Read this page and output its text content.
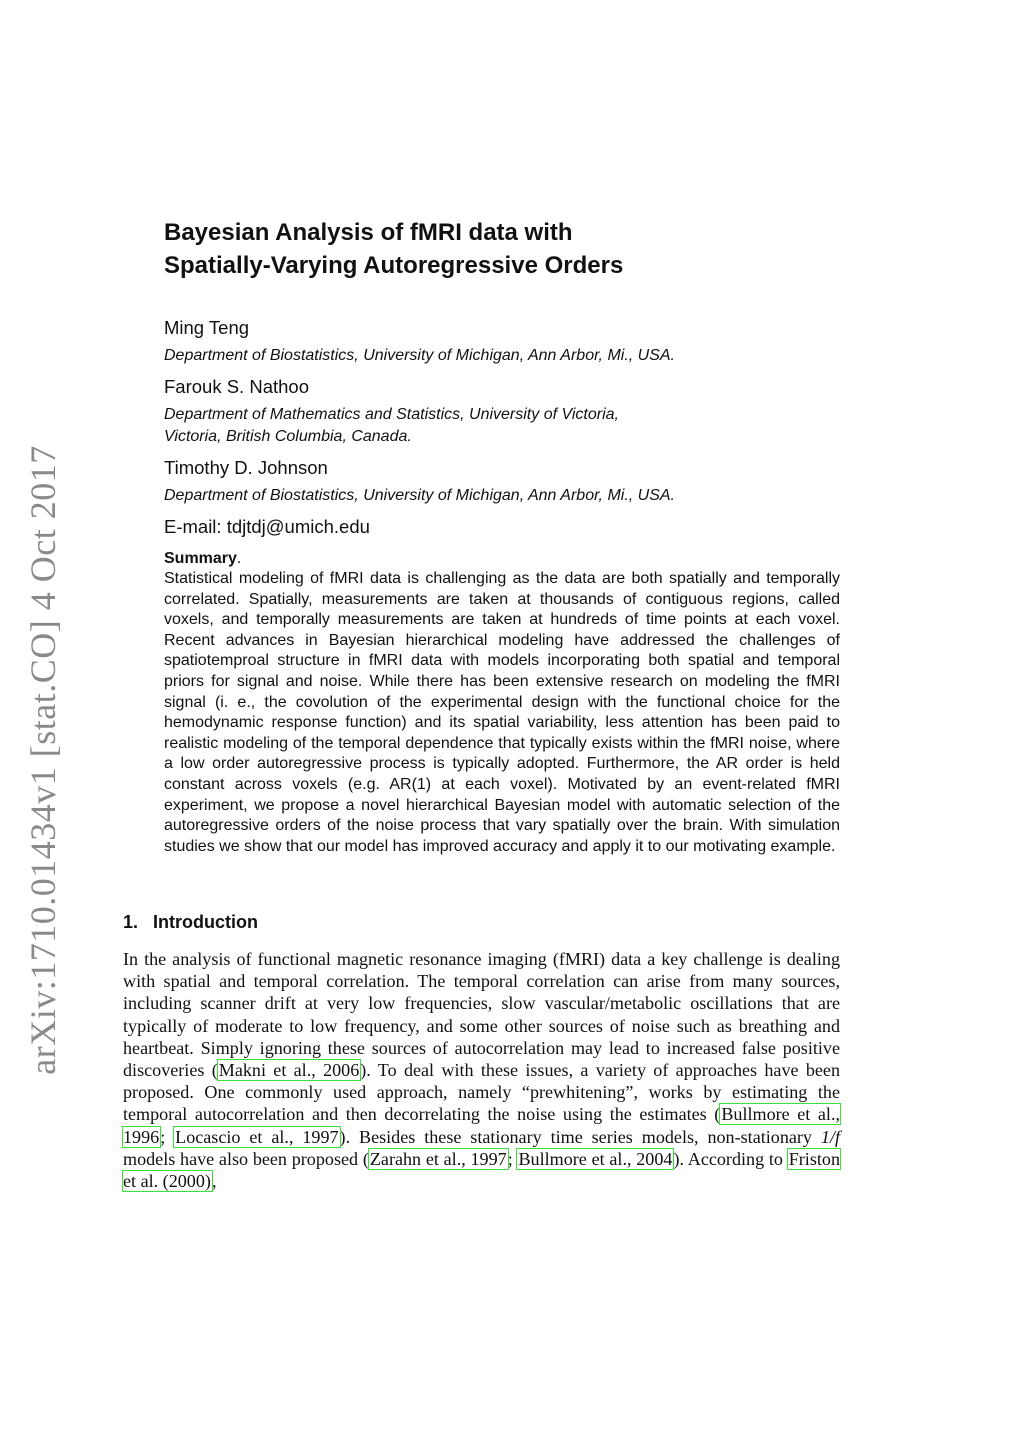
arXiv:1710.01434v1 [stat.CO] 4 Oct 2017
Bayesian Analysis of fMRI data with
Spatially-Varying Autoregressive Orders
Ming Teng
Department of Biostatistics, University of Michigan, Ann Arbor, Mi., USA.
Farouk S. Nathoo
Department of Mathematics and Statistics, University of Victoria,
Victoria, British Columbia, Canada.
Timothy D. Johnson
Department of Biostatistics, University of Michigan, Ann Arbor, Mi., USA.
E-mail: tdjtdj@umich.edu
Summary.

Statistical modeling of fMRI data is challenging as the data are both spatially and temporally correlated. Spatially, measurements are taken at thousands of contiguous regions, called voxels, and temporally measurements are taken at hundreds of time points at each voxel. Recent advances in Bayesian hierarchical modeling have addressed the challenges of spatiotemproal structure in fMRI data with models incorporating both spatial and temporal priors for signal and noise. While there has been extensive research on modeling the fMRI signal (i. e., the covolution of the experimental design with the functional choice for the hemodynamic response function) and its spatial variability, less attention has been paid to realistic modeling of the temporal dependence that typically exists within the fMRI noise, where a low order autoregressive process is typically adopted. Furthermore, the AR order is held constant across voxels (e.g. AR(1) at each voxel). Motivated by an event-related fMRI experiment, we propose a novel hierarchical Bayesian model with automatic selection of the autoregressive orders of the noise process that vary spatially over the brain. With simulation studies we show that our model has improved accuracy and apply it to our motivating example.

1. Introduction

In the analysis of functional magnetic resonance imaging (fMRI) data a key challenge is dealing with spatial and temporal correlation. The temporal correlation can arise from many sources, including scanner drift at very low frequencies, slow vascular/metabolic oscillations that are typically of moderate to low frequency, and some other sources of noise such as breathing and heartbeat. Simply ignoring these sources of autocorrelation may lead to increased false positive discoveries (Makni et al., 2006). To deal with these issues, a variety of approaches have been proposed. One commonly used approach, namely “prewhitening”, works by estimating the temporal autocorrelation and then decorrelating the noise using the estimates (Bullmore et al., 1996; Locascio et al., 1997). Besides these stationary time series models, non-stationary 1/f models have also been proposed (Zarahn et al., 1997; Bullmore et al., 2004). According to Friston et al. (2000),
